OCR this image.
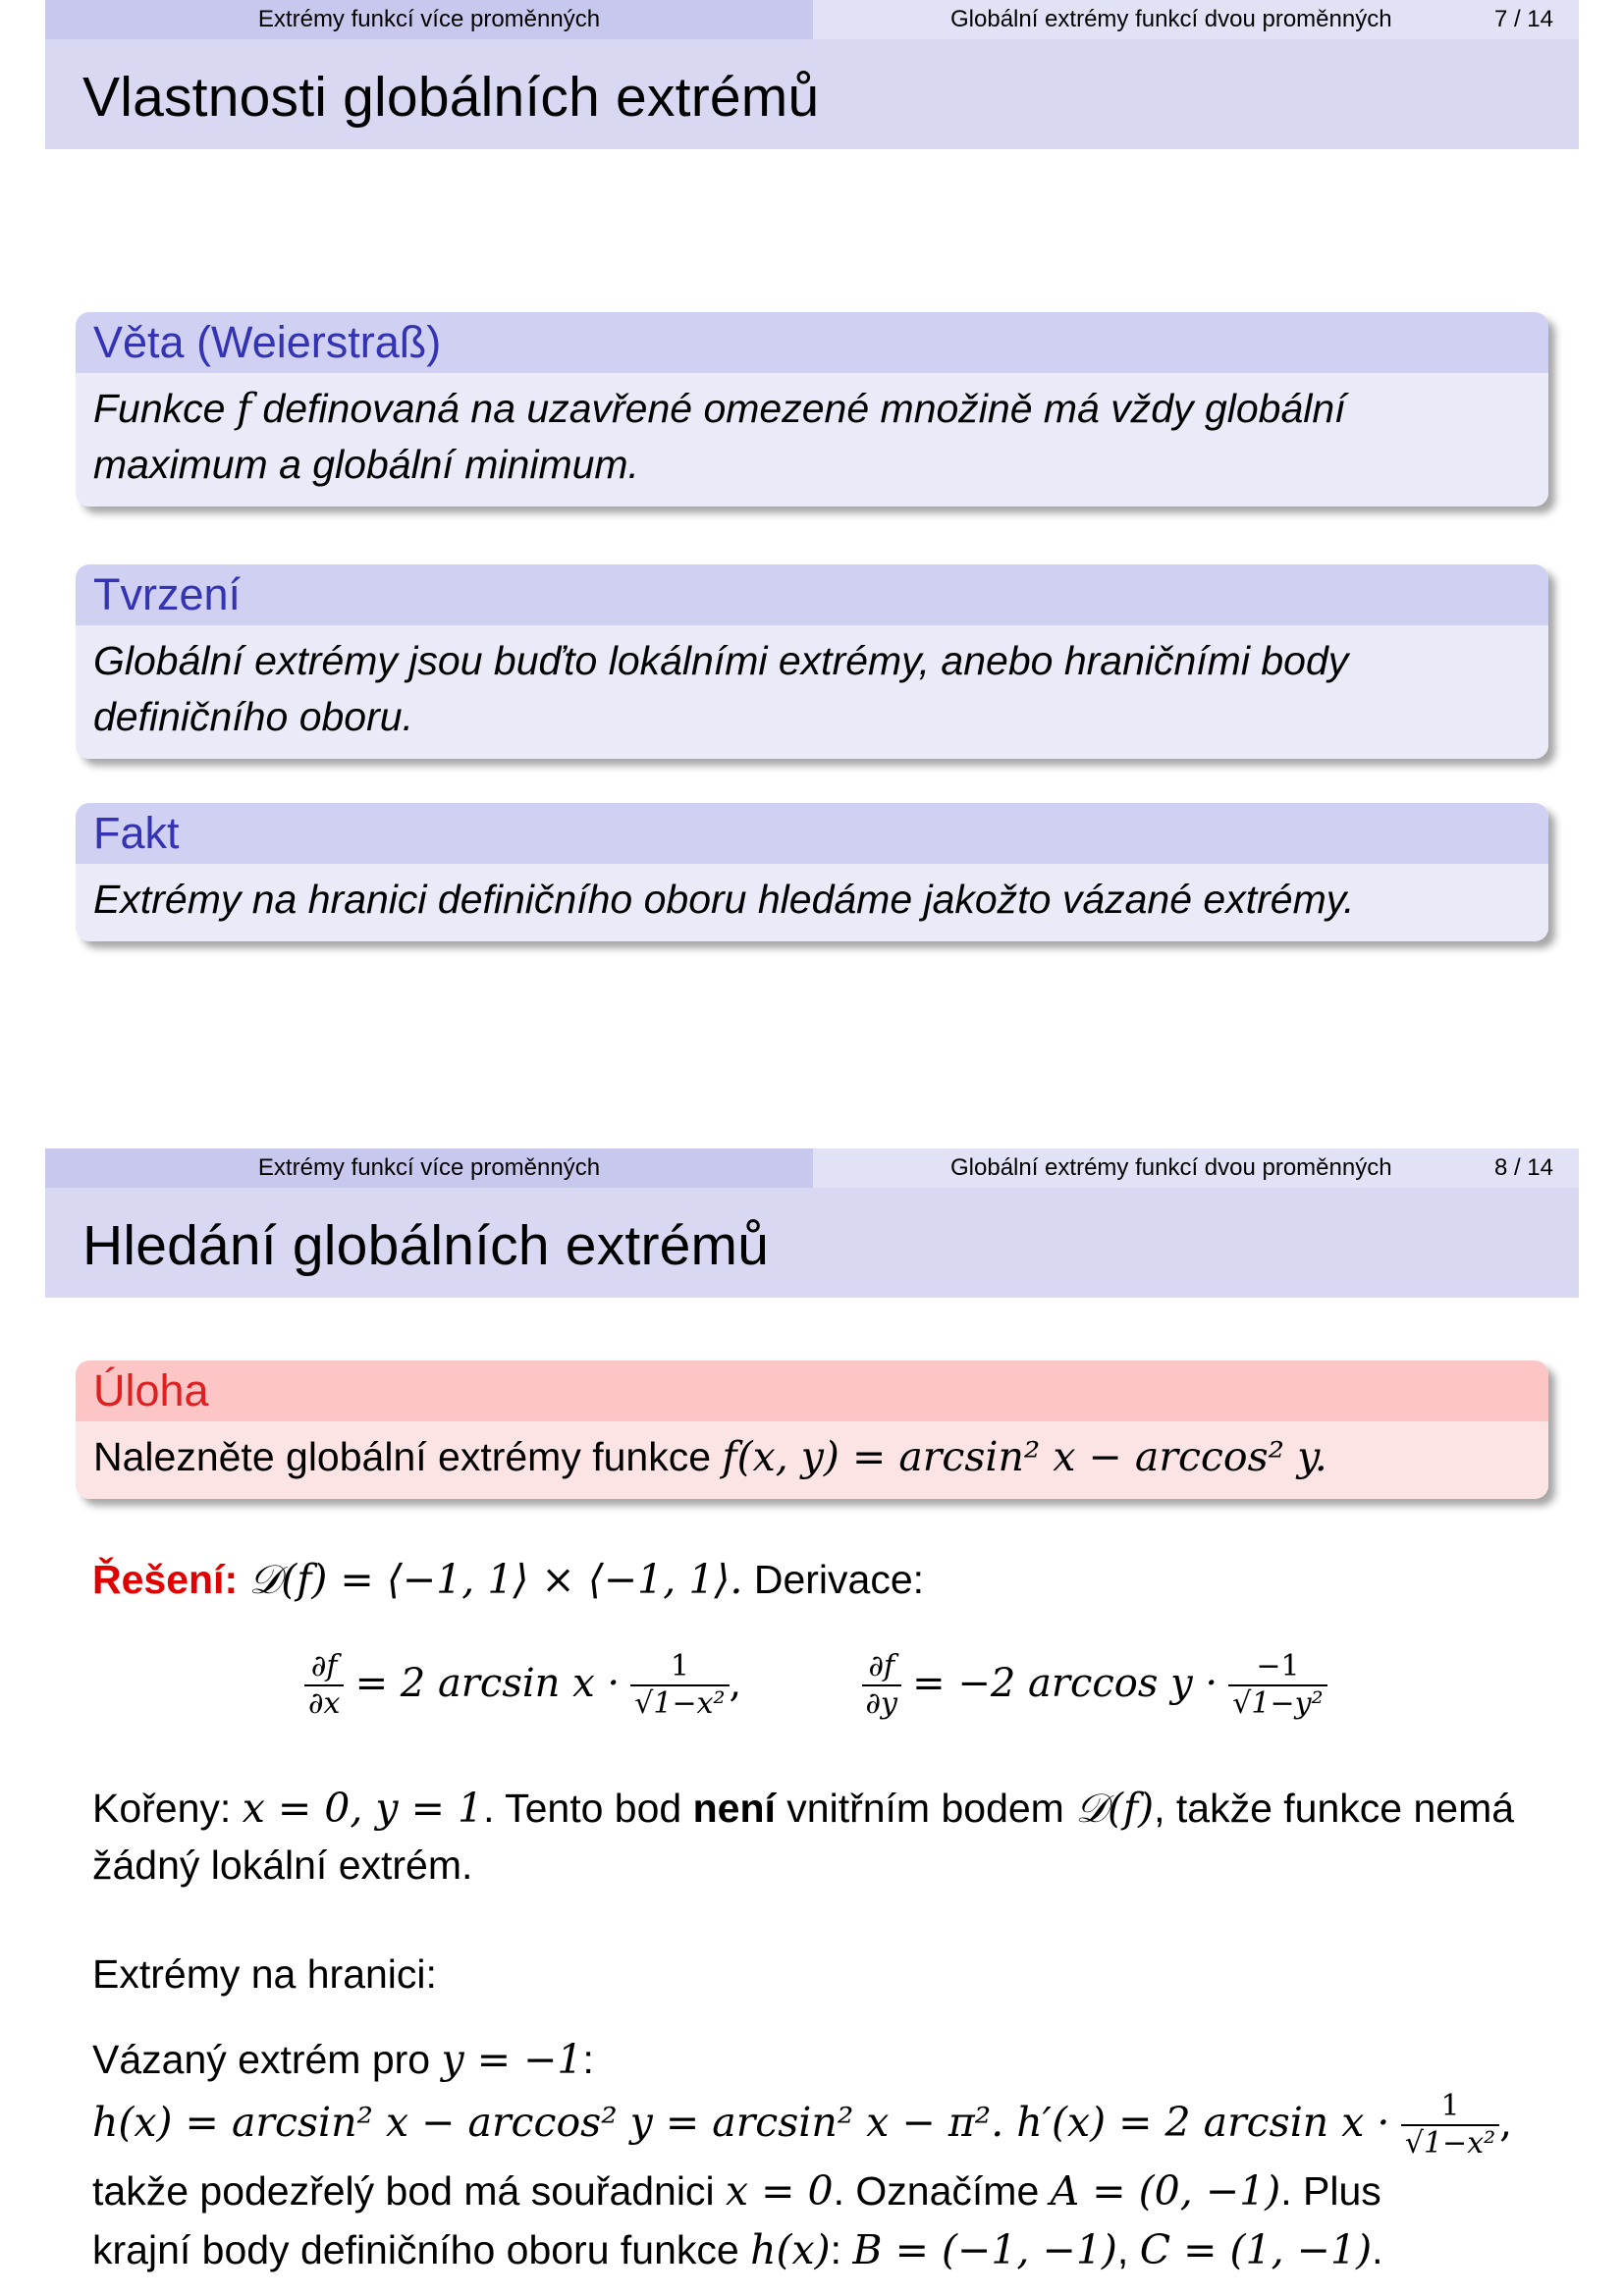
Extrémy funkcí více proměnných	Globální extrémy funkcí dvou proměnných	7 / 14
Vlastnosti globálních extrémů
Věta (Weierstraß)
Funkce f definovaná na uzavřené omezené množině má vždy globální maximum a globální minimum.
Tvrzení
Globální extrémy jsou buďto lokálními extrémy, anebo hraničními body definičního oboru.
Fakt
Extrémy na hranici definičního oboru hledáme jakožto vázané extrémy.
Extrémy funkcí více proměnných	Globální extrémy funkcí dvou proměnných	8 / 14
Hledání globálních extrémů
Úloha
Nalezněte globální extrémy funkce f(x, y) = arcsin² x − arccos² y.
Řešení: 𝒟(f) = ⟨−1, 1⟩ × ⟨−1, 1⟩. Derivace:
$\frac{\partial f}{\partial x} = 2$ $\arcsin x \cdot \frac{1}{\text{√1−x²}}$ ,	$\frac{\partial f}{\partial y} = -2$ $\arccos y \cdot \frac{-1}{\text{√1−y²}}$
Kořeny: x = 0, y = 1. Tento bod není vnitřním bodem 𝒟(f), takže funkce nemá žádný lokální extrém.
Extrémy na hranici:
Vázaný extrém pro y = −1:
h(x) = arcsin² x − arccos² y = arcsin² x − π². h′(x) = 2 $\arcsin x \cdot \frac{1}{\text{√1−x²}}$ ,
takže podezřelý bod má souřadnici x = 0. Označíme A = (0, −1). Plus
krajní body definičního oboru funkce h(x): B = (−1, −1), C = (1, −1).
